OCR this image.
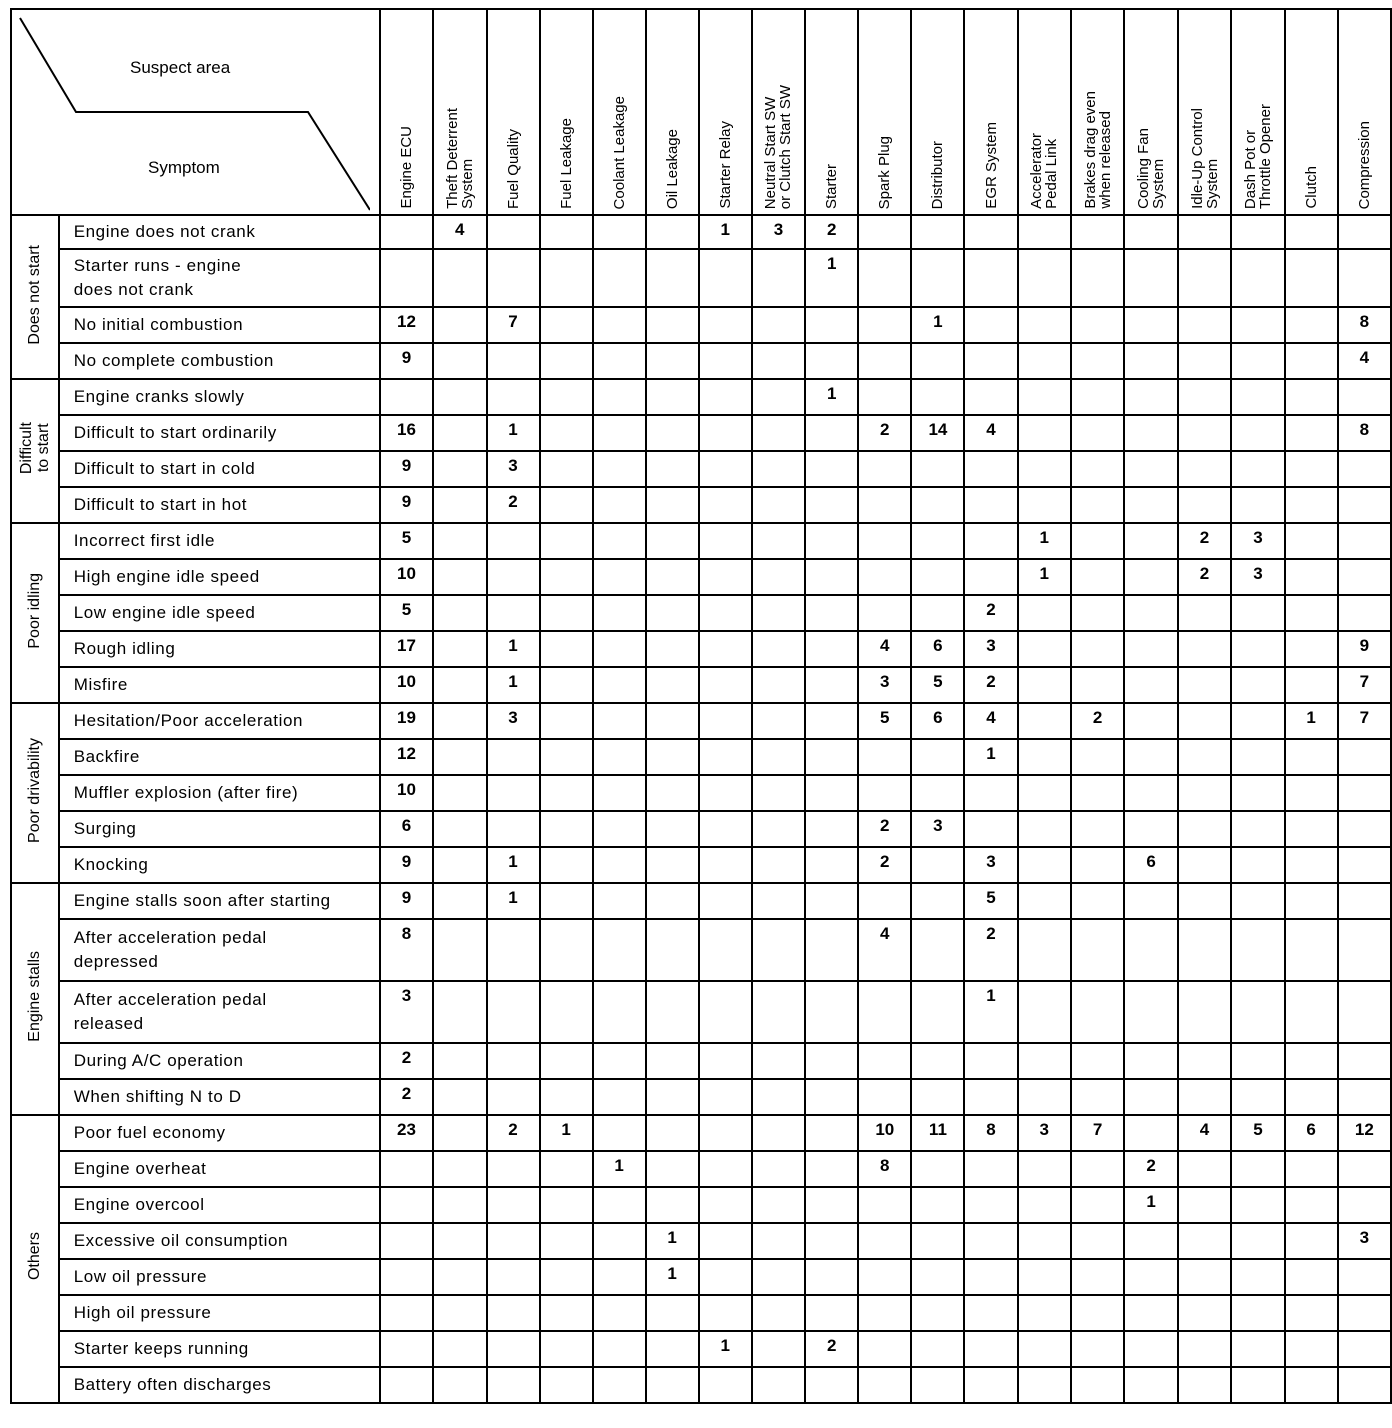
Suspect area
Symptom		Engine ECU	Theft Deterrent
System	Fuel Quality	Fuel Leakage	Coolant Leakage	Oil Leakage	Starter Relay	Neutral Start SW
or Clutch Start SW	Starter	Spark Plug	Distributor	EGR System	Accelerator
Pedal Link	Brakes drag even
when released	Cooling Fan
System	Idle-Up Control
System	Dash Pot or
Throttle Opener	Clutch	Compression
Does not start	Engine does not crank		4					1	3	2										
	Starter runs - engine
does not crank									1										
	No initial combustion	12		7								1								8
	No complete combustion	9																		4
Difficult
to start	Engine cranks slowly									1										
	Difficult to start ordinarily	16		1							2	14	4							8
	Difficult to start in cold	9		3																
	Difficult to start in hot	9		2																
Poor idling	Incorrect first idle	5												1			2	3		
	High engine idle speed	10												1			2	3		
	Low engine idle speed	5											2							
	Rough idling	17		1							4	6	3							9
	Misfire	10		1							3	5	2							7
Poor drivability	Hesitation/Poor acceleration	19		3							5	6	4		2				1	7
	Backfire	12											1							
	Muffler explosion (after fire)	10																		
	Surging	6									2	3								
	Knocking	9		1							2		3			6				
Engine stalls	Engine stalls soon after starting	9		1									5							
	After acceleration pedal
depressed	8									4		2							
	After acceleration pedal
released	3											1							
	During A/C operation	2																		
	When shifting N to D	2																		
Others	Poor fuel economy	23		2	1						10	11	8	3	7		4	5	6	12
	Engine overheat					1					8					2				
	Engine overcool															1				
	Excessive oil consumption						1													3
	Low oil pressure						1													
	High oil pressure																			
	Starter keeps running							1		2										
	Battery often discharges																			
